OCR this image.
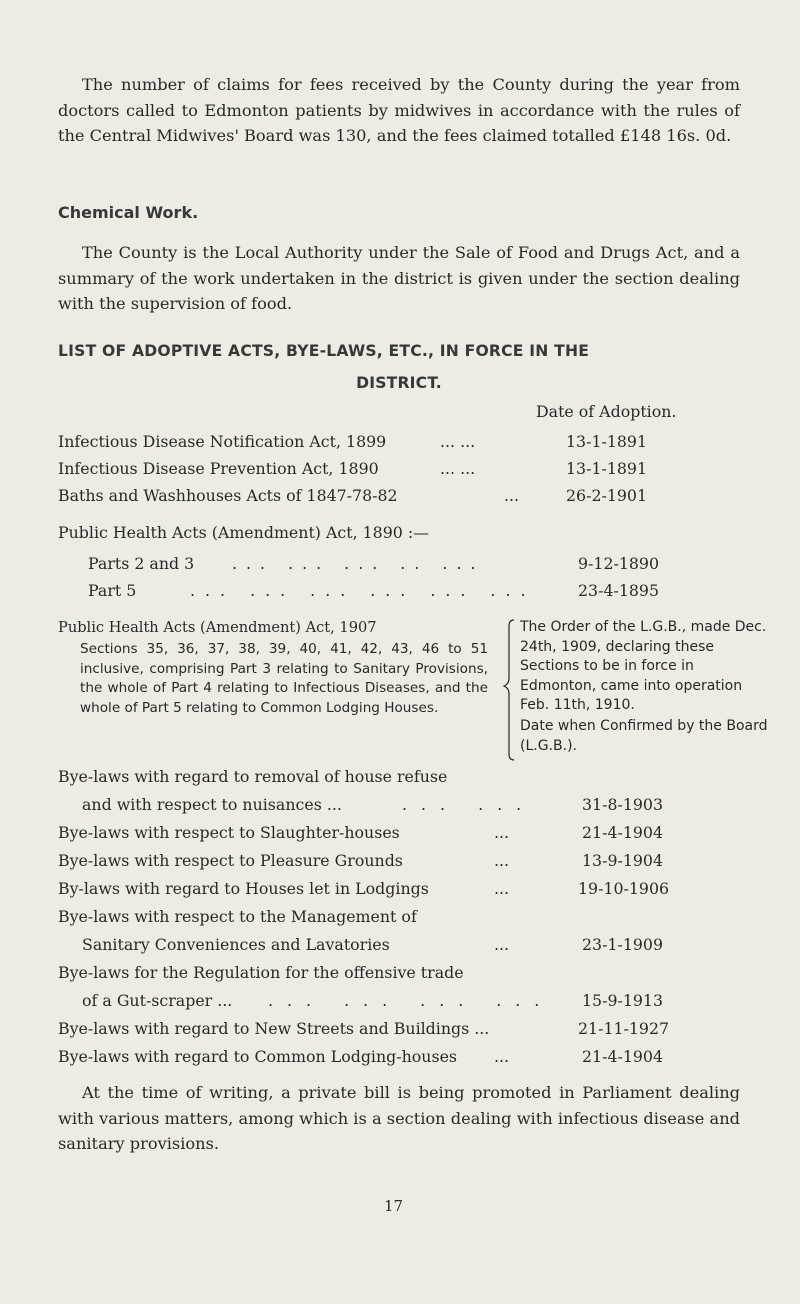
The number of claims for fees received by the County during the year from doctors called to Edmonton patients by midwives in accordance with the rules of the Central Midwives' Board was 130, and the fees claimed totalled £148 16s. 0d.

Chemical Work.

The County is the Local Authority under the Sale of Food and Drugs Act, and a summary of the work undertaken in the district is given under the section dealing with the supervision of food.

LIST OF ADOPTIVE ACTS, BYE-LAWS, ETC., IN FORCE IN THE
DISTRICT.
Date of Adoption.
Infectious Disease Notification Act, 1899	... ...	13-1-1891
Infectious Disease Prevention Act, 1890	... ...	13-1-1891
Baths and Washhouses Acts of 1847-78-82	...	26-2-1901
Public Health Acts (Amendment) Act, 1890 :—
Parts 2 and 3 ... ... ... .. ...	9-12-1890
Part 5	... ... ... ... ... ...	23-4-1895
Public Health Acts (Amendment) Act, 1907
Sections 35, 36, 37, 38, 39, 40, 41, 42, 43, 46 to 51 inclusive, comprising Part 3 relating to Sanitary Provisions, the whole of Part 4 relating to Infectious Diseases, and the whole of Part 5 relating to Common Lodging Houses.
The Order of the L.G.B., made Dec. 24th, 1909, declaring these Sections to be in force in Edmonton, came into operation Feb. 11th, 1910.
Date when Confirmed by the Board (L.G.B.).
Bye-laws with regard to removal of house refuse
and with respect to nuisances ...	... ...	31-8-1903
Bye-laws with respect to Slaughter-houses	...	21-4-1904
Bye-laws with respect to Pleasure Grounds	...	13-9-1904
By-laws with regard to Houses let in Lodgings	...	19-10-1906
Bye-laws with respect to the Management of
Sanitary Conveniences and Lavatories	...	23-1-1909
Bye-laws for the Regulation for the offensive trade
of a Gut-scraper ... ... ... ... ... 15-9-1913
Bye-laws with regard to New Streets and Buildings ...	21-11-1927
Bye-laws with regard to Common Lodging-houses ...	21-4-1904

At the time of writing, a private bill is being promoted in Parliament dealing with various matters, among which is a section dealing with infectious disease and sanitary provisions.

17
